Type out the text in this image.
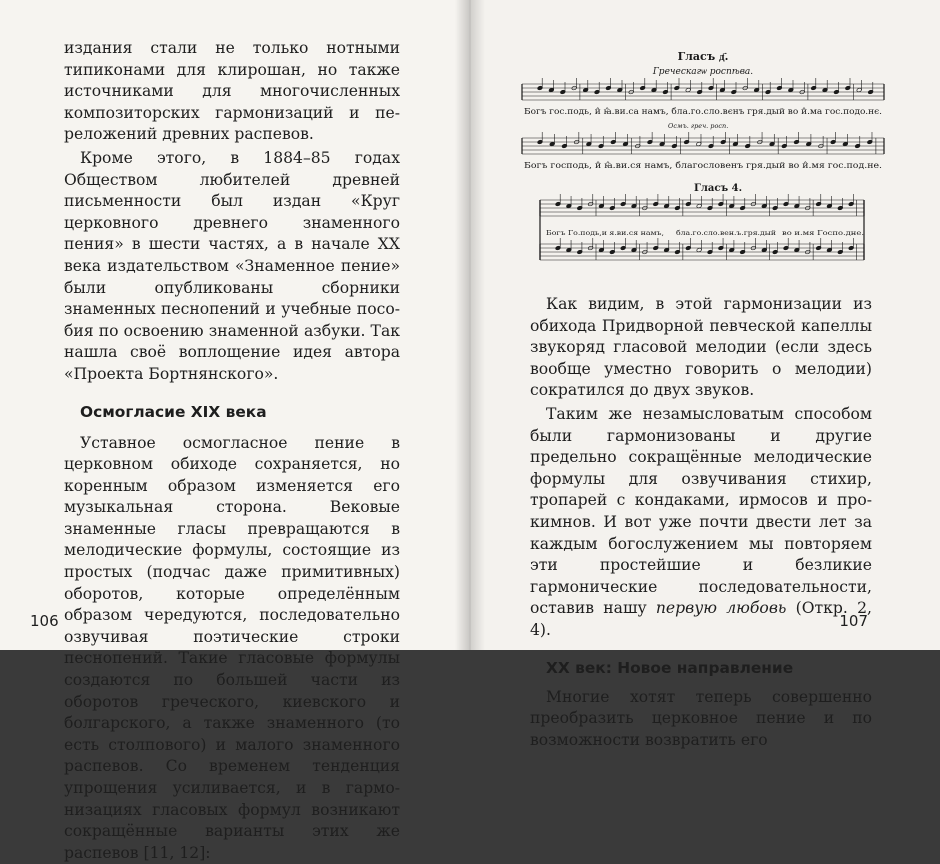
издания стали не только нотными типиконами для клирошан, но также источниками для многочисленных композиторских гармонизаций и переложений древних распевов.

Кроме этого, в 1884–85 годах Обществом любителей древней письменности был издан «Круг церковного древнего знаменного пения» в шести частях, а в начале XX века издательством «Знаменное пение» были опубликованы сборники знаменных песнопений и учебные пособия по освоению знаменной азбуки. Так нашла своё воплощение идея автора «Проекта Бортнянского».

Осмогласие XIX века

Уставное осмогласное пение в церковном обиходе сохраняется, но коренным образом изменяется его музыкальная сторона. Вековые знаменные гласы превращаются в мелодические формулы, состоящие из простых (подчас даже примитивных) оборотов, которые определённым образом чередуются, последовательно озвучивая поэтические строки песнопений. Такие гласовые формулы создаются по большей части из оборотов греческого, киевского и болгарского, а также знаменного (то есть столпового) и малого знаменного распевов. Со временем тенденция упрощения усиливается, и в гармонизациях гласовых формул возникают сокращённые варианты этих же распевов [11, 12]:

106
Гласъ д҃.
Греческагѡ роспѣва.
Богъ гос.подь, и̂ ꙗ̂.ви.са намъ, бла.го.сло.вєнъ гря.дый во и̂.ма гос.подo.нє.
Осмъ. греч. росп.
Богъ господь, и̂ ꙗ̂.ви.ся намъ, благословенъ гря.дый во и̂.мя гос.под.не.
Гласъ 4.
Богъ Го.подь,и я.ви.ся намъ, бла.го.сло.вен.ъ.гря.дый во и.мя Госпо.дне.

Как видим, в этой гармонизации из обихода Придворной певческой капеллы звукоряд гласовой мелодии (если здесь вообще уместно говорить о мелодии) сократился до двух звуков.

Таким же незамысловатым способом были гармонизованы и другие предельно сокращённые мелодические формулы для озвучивания стихир, тропарей с кондаками, ирмосов и прокимнов. И вот уже почти двести лет за каждым богослужением мы повторяем эти простейшие и безликие гармонические последовательности, оставив нашу первую любовь (Откр. 2, 4).

XX век: Новое направление

Многие хотят теперь совершенно преобразить церковное пение и по возможности возвратить его

107
